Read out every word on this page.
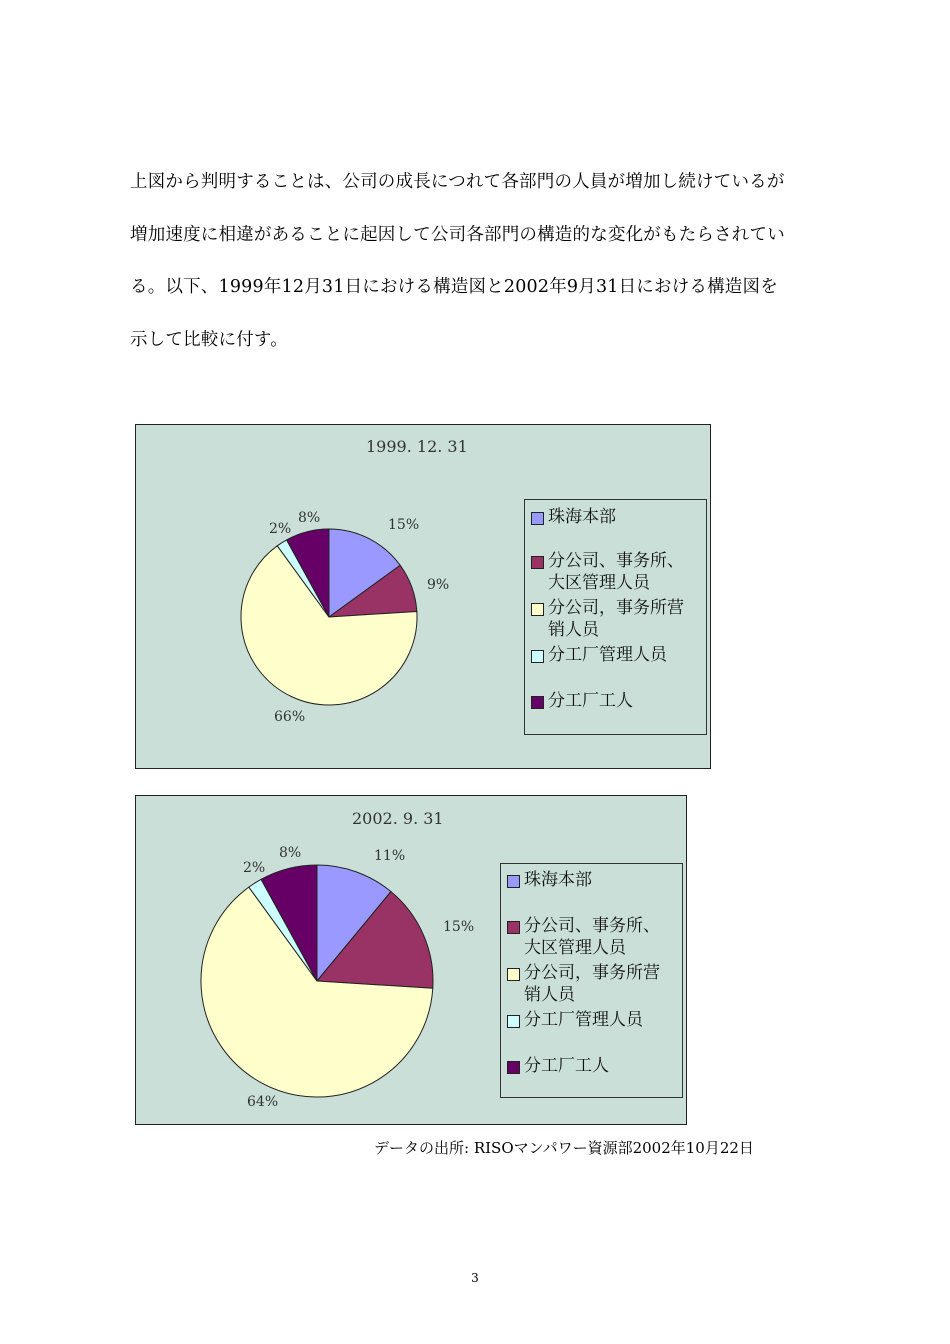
上図から判明することは、公司の成長につれて各部門の人員が増加し続けているが
増加速度に相違があることに起因して公司各部門の構造的な変化がもたらされてい
る。以下、1999年12月31日における構造図と2002年9月31日における構造図を
示して比較に付す。
1999. 12. 31
15%
9%
66%
2%
8%	珠海本部
分公司、事务所、
大区管理人员
分公司，事务所营
销人员
分工厂管理人员
分工厂工人
2002. 9. 31
11%
15%
64%
2%
8%
珠海本部
分公司、事务所、
大区管理人员
分公司，事务所营
销人员
分工厂管理人员
分工厂工人
データの出所: RISOマンパワー資源部2002年10月22日
3
